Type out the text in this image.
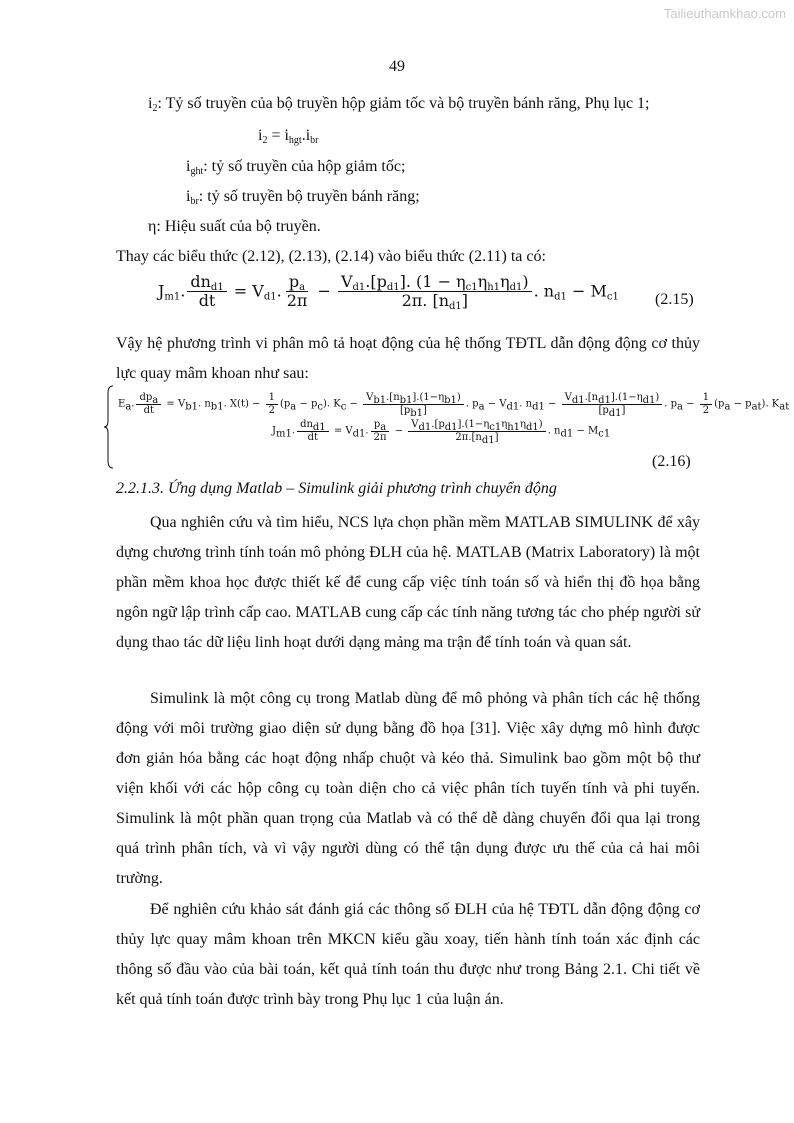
Tailieuthamkhao.com
49
$i_2$: Tỷ số truyền của bộ truyền hộp giảm tốc và bộ truyền bánh răng, Phụ lục 1;
$i_2 = i_{hgt}.i_{br}$
$i_{ght}$: tỷ số truyền của hộp giảm tốc;
$i_{br}$: tỷ số truyền bộ truyền bánh răng;
η: Hiệu suất của bộ truyền.
Thay các biểu thức (2.12), (2.13), (2.14) vào biểu thức (2.11) ta có:
$J_{m1}$. $\frac{dn_{d1}}{dt} = V_{d1}$. $\frac{p_a}{2\pi} - \frac{V_{d1}.[p_{d1}]. (1 - \eta_{c1}\eta_{h1}\eta_{d1})}{2\pi. [n_{d1}]}$ . $n_{d1} - M_{c1}$ (2.15)
Vậy hệ phương trình vi phân mô tả hoạt động của hệ thống TĐTL dẫn động động cơ thủy lực quay mâm khoan như sau:
$E_a$. $\frac{dp_a}{dt} = V_{b1}$. $n_{b1}$. $X(t) - \frac{1}{2} (p_a - p_c)$. $K_c - \frac{V_{b1}.[n_{b1}].(1-\eta_{b1})}{[p_{b1}]}$ . $p_a - V_{d1}$. $n_{d1} - \frac{V_{d1}.[n_{d1}].(1-\eta_{d1})}{[p_{d1}]}$ . $p_a - \frac{1}{2} (p_a - p_{at})$. $K_{at}$
$J_{m1}$. $\frac{dn_{d1}}{dt} = V_{d1}$. $\frac{p_a}{2\pi} - \frac{V_{d1}.[p_{d1}].(1-\eta_{c1}\eta_{h1}\eta_{d1})}{2\pi.[n_{d1}]}$ . $n_{d1} - M_{c1}$
(2.16)
2.2.1.3. Ứng dụng Matlab – Simulink giải phương trình chuyển động
Qua nghiên cứu và tìm hiểu, NCS lựa chọn phần mềm MATLAB SIMULINK để xây dựng chương trình tính toán mô phỏng ĐLH của hệ. MATLAB (Matrix Laboratory) là một phần mềm khoa học được thiết kế để cung cấp việc tính toán số và hiển thị đồ họa bằng ngôn ngữ lập trình cấp cao. MATLAB cung cấp các tính năng tương tác cho phép người sử dụng thao tác dữ liệu linh hoạt dưới dạng mảng ma trận để tính toán và quan sát.
Simulink là một công cụ trong Matlab dùng để mô phỏng và phân tích các hệ thống động với môi trường giao diện sử dụng bằng đồ họa [31]. Việc xây dựng mô hình được đơn giản hóa bằng các hoạt động nhấp chuột và kéo thả. Simulink bao gồm một bộ thư viện khối với các hộp công cụ toàn diện cho cả việc phân tích tuyến tính và phi tuyến. Simulink là một phần quan trọng của Matlab và có thể dễ dàng chuyển đổi qua lại trong quá trình phân tích, và vì vậy người dùng có thể tận dụng được ưu thế của cả hai môi trường.
Để nghiên cứu khảo sát đánh giá các thông số ĐLH của hệ TĐTL dẫn động động cơ thủy lực quay mâm khoan trên MKCN kiểu gầu xoay, tiến hành tính toán xác định các thông số đầu vào của bài toán, kết quả tính toán thu được như trong Bảng 2.1. Chi tiết về kết quả tính toán được trình bày trong Phụ lục 1 của luận án.
